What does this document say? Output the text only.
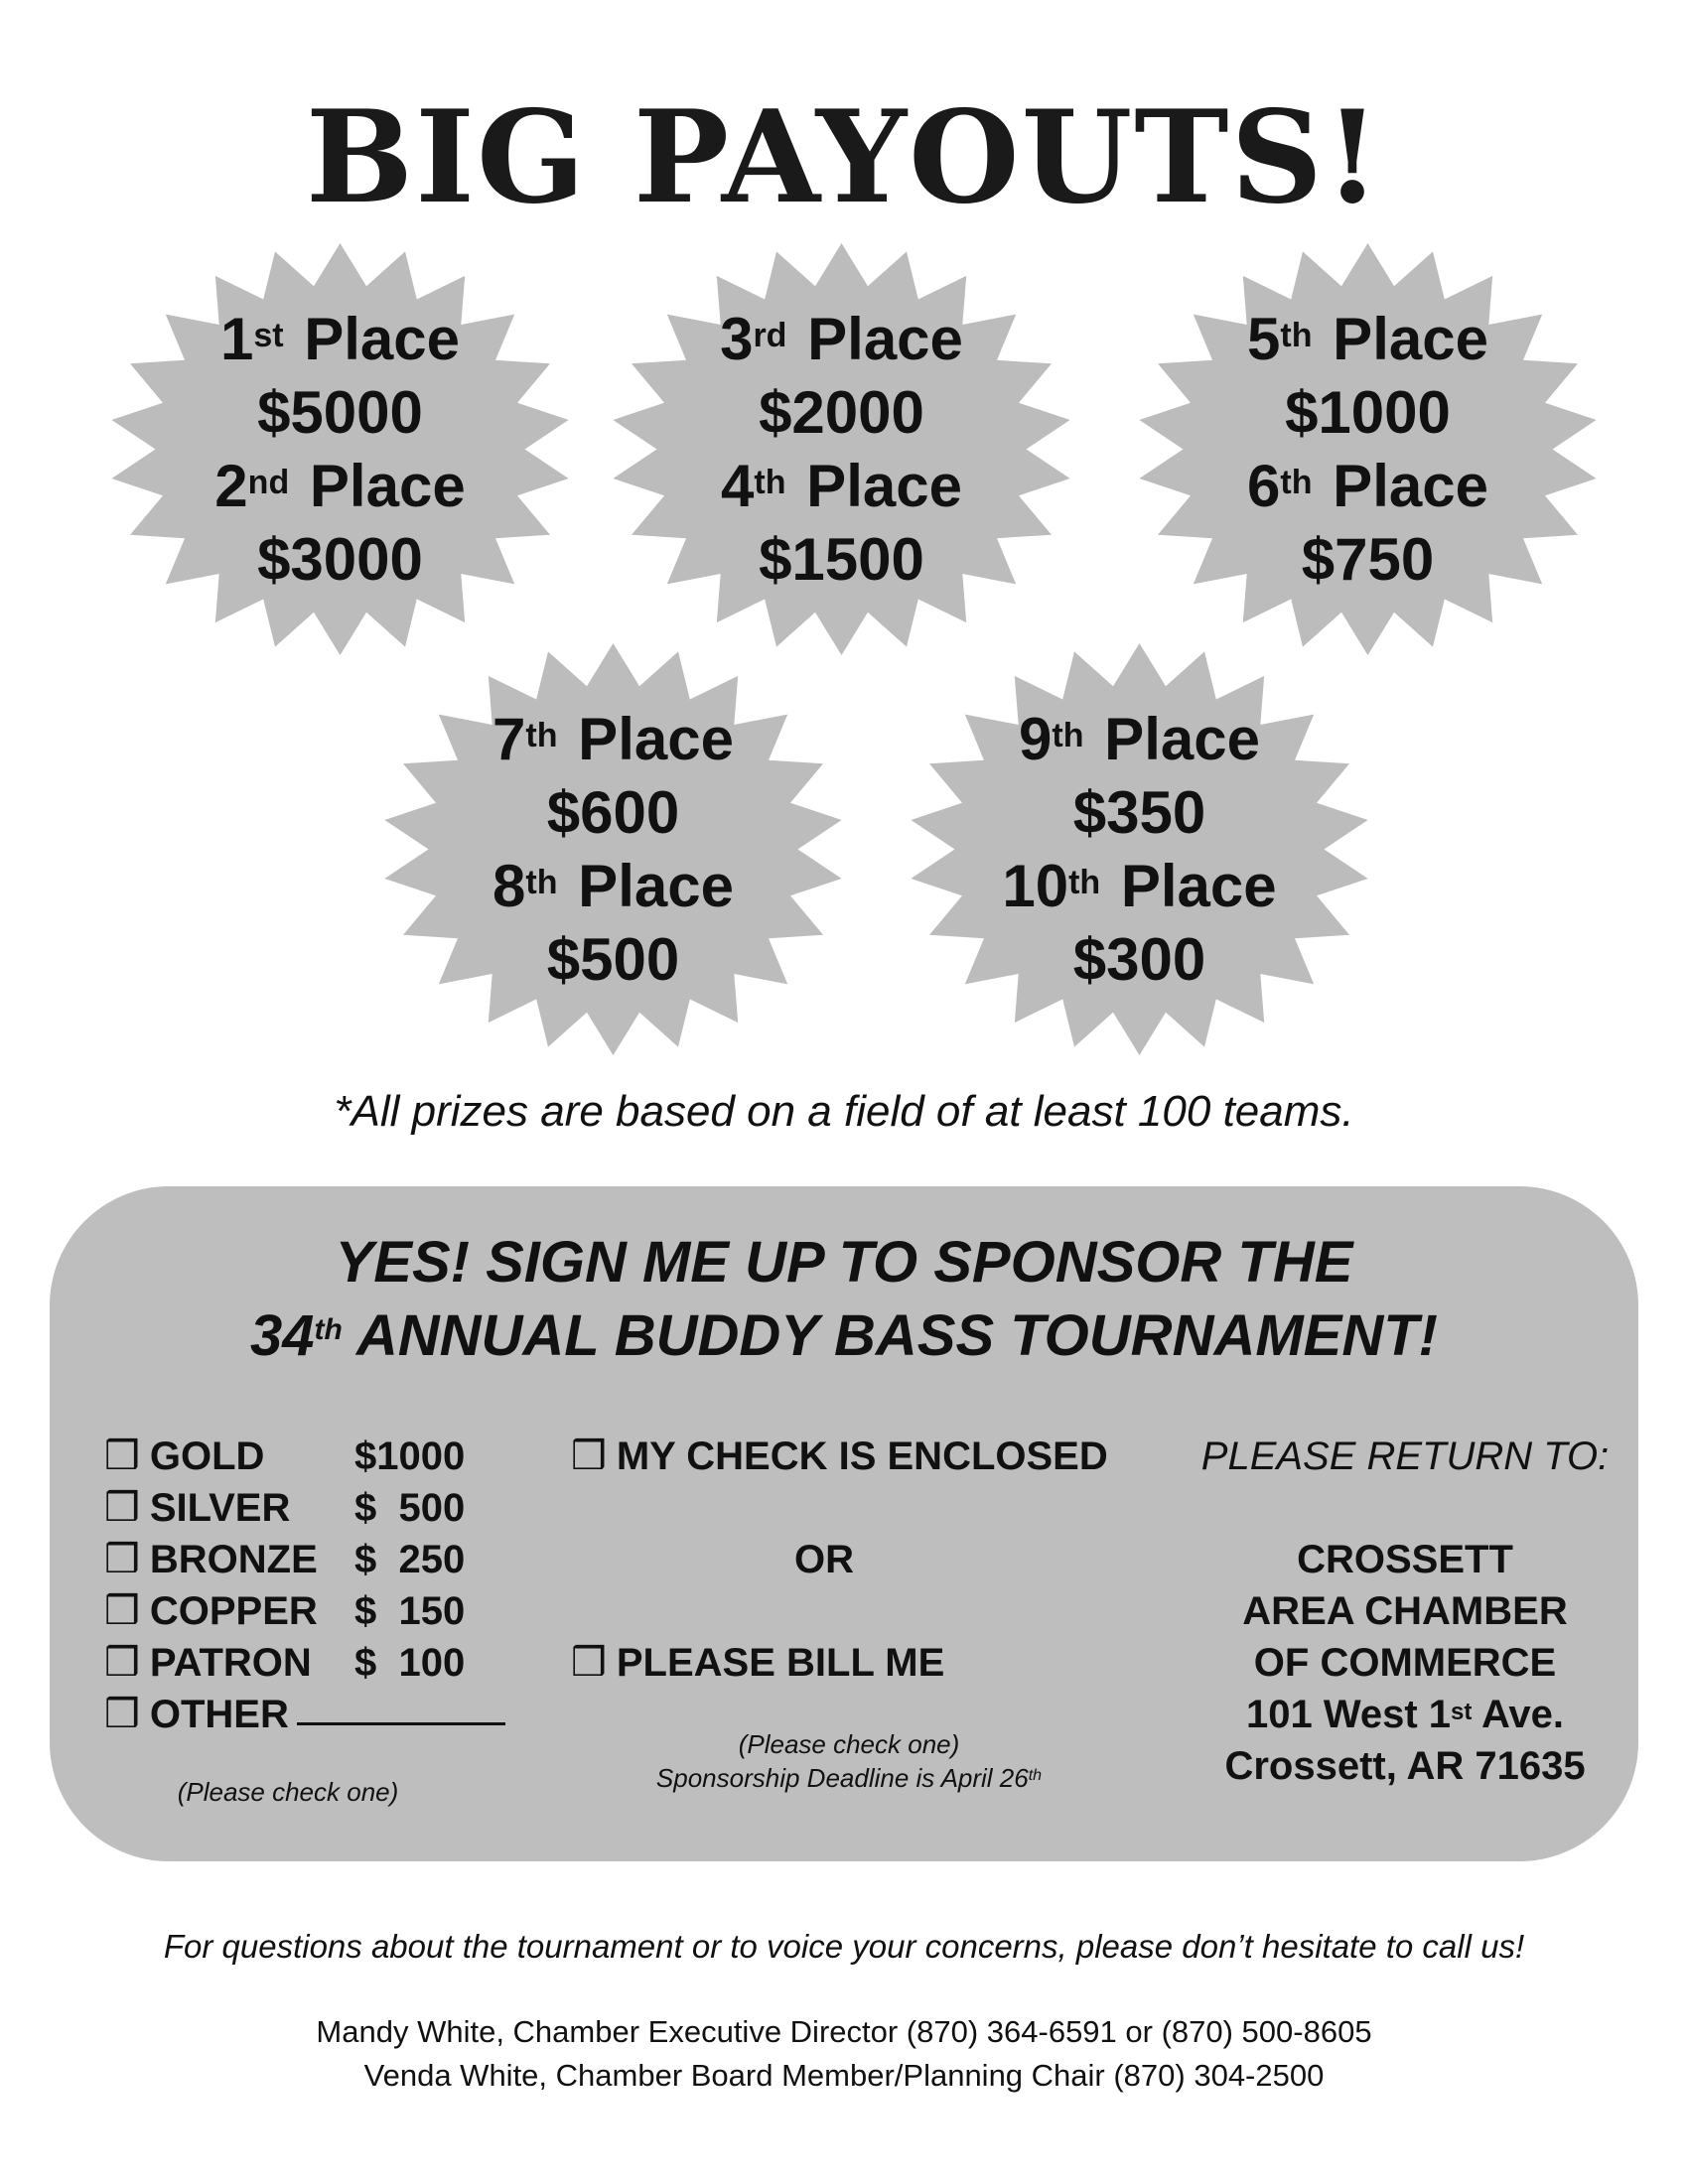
BIG PAYOUTS!
1st Place
$5000
2nd Place
$3000
3rd Place
$2000
4th Place
$1500
5th Place
$1000
6th Place
$750
7th Place
$600
8th Place
$500
9th Place
$350
10th Place
$300
*All prizes are based on a field of at least 100 teams.
YES! SIGN ME UP TO SPONSOR THE
34th ANNUAL BUDDY BASS TOURNAMENT!
❒ GOLD	$1000
❒ SILVER	$  500
❒ BRONZE $  250
❒ COPPER $  150
❒ PATRON	$  100
❒ OTHER
(Please check one)
❒ MY CHECK IS ENCLOSED
OR
❒ PLEASE BILL ME
(Please check one)
Sponsorship Deadline is April 26th
PLEASE RETURN TO:
CROSSETT
AREA CHAMBER
OF COMMERCE
101 West 1st Ave.
Crossett, AR 71635
For questions about the tournament or to voice your concerns, please don’t hesitate to call us!
Mandy White, Chamber Executive Director (870) 364-6591 or (870) 500-8605
Venda White, Chamber Board Member/Planning Chair (870) 304-2500
